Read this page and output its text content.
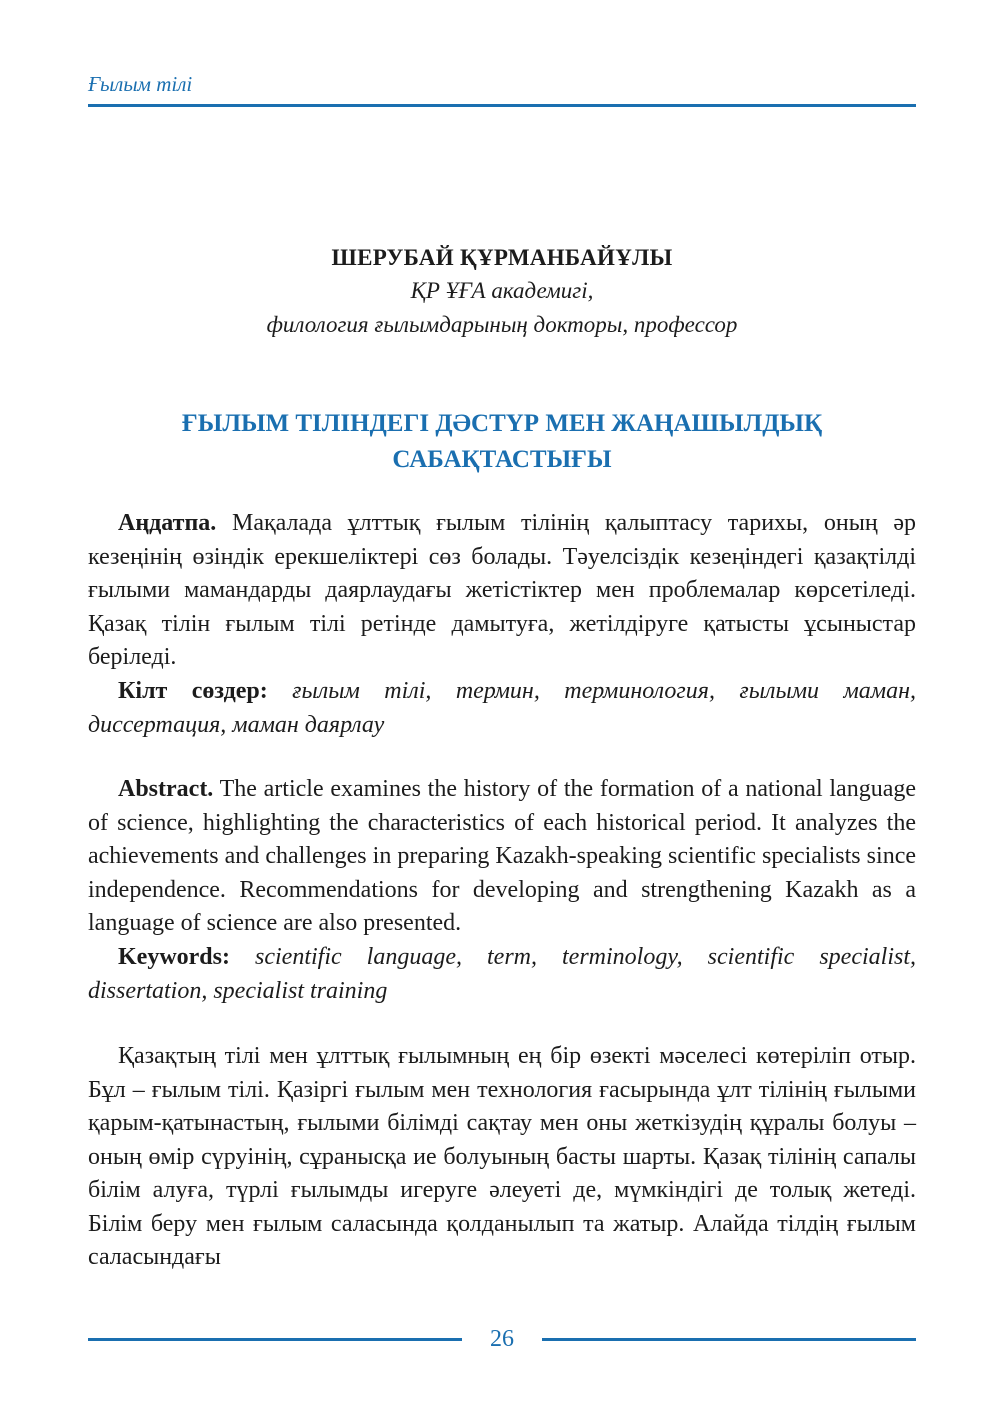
Ғылым тілі

ШЕРУБАЙ ҚҰРМАНБАЙҰЛЫ

ҚР ҰҒА академигі,

филология ғылымдарының докторы, профессор

ҒЫЛЫМ ТІЛІНДЕГІ ДӘСТҮР МЕН ЖАҢАШЫЛДЫҚ
САБАҚТАСТЫҒЫ

Аңдатпа. Мақалада ұлттық ғылым тілінің қалыптасу тарихы, оның әр кезеңінің өзіндік ерекшеліктері сөз болады. Тәуелсіздік кезеңіндегі қазақтілді ғылыми мамандарды даярлаудағы жетістіктер мен проблемалар көрсетіледі. Қазақ тілін ғылым тілі ретінде дамытуға, жетілдіруге қатысты ұсыныстар беріледі.

Кілт сөздер: ғылым тілі, термин, терминология, ғылыми маман, диссертация, маман даярлау

Abstract. The article examines the history of the formation of a national language of science, highlighting the characteristics of each historical period. It analyzes the achievements and challenges in preparing Kazakh-speaking scientific specialists since independence. Recommendations for developing and strengthening Kazakh as a language of science are also presented.

Keywords: scientific language, term, terminology, scientific specialist, dissertation, specialist training

Қазақтың тілі мен ұлттық ғылымның ең бір өзекті мәселесі көтеріліп отыр. Бұл – ғылым тілі. Қазіргі ғылым мен технология ғасырында ұлт тілінің ғылыми қарым-қатынастың, ғылыми білімді сақтау мен оны жеткізудің құралы болуы – оның өмір сүруінің, сұранысқа ие болуының басты шарты. Қазақ тілінің сапалы білім алуға, түрлі ғылымды игеруге әлеуеті де, мүмкіндігі де толық жетеді. Білім беру мен ғылым саласында қолданылып та жатыр. Алайда тілдің ғылым саласындағы

26
